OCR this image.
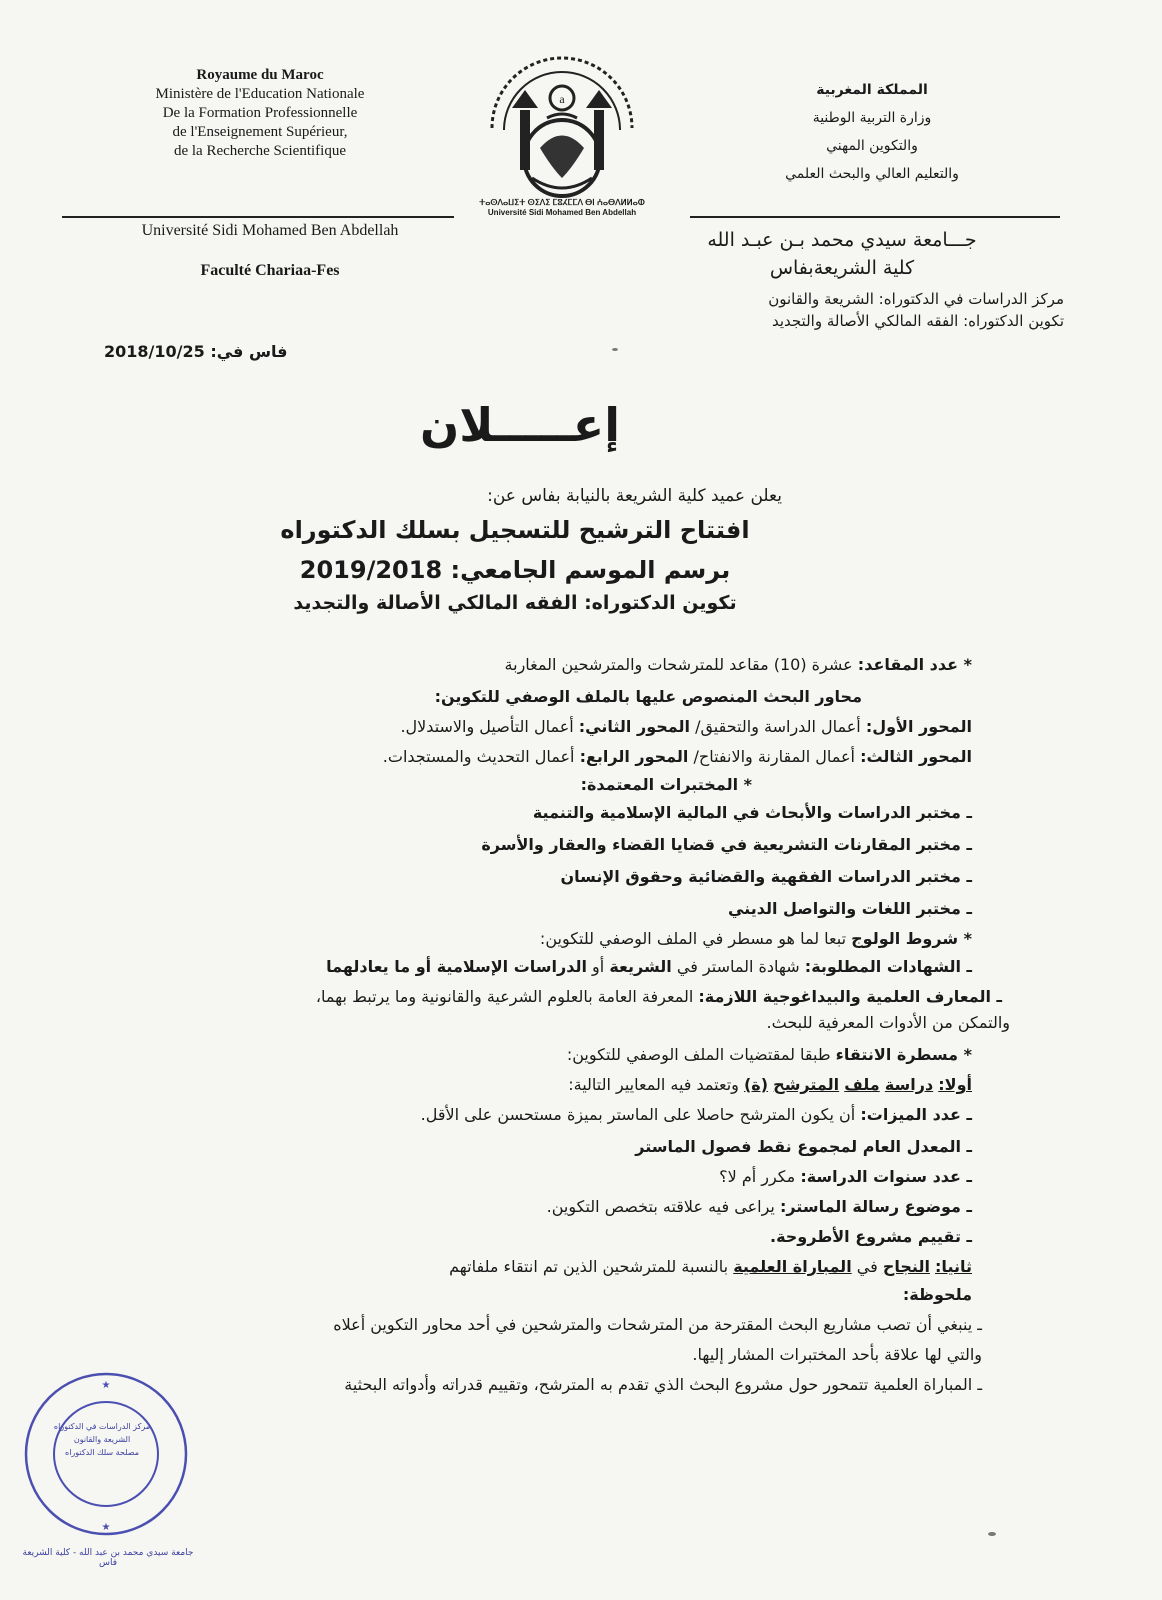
Royaume du Maroc
Ministère de l'Education Nationale
De la Formation Professionnelle
de l'Enseignement Supérieur,
de la Recherche Scientifique
a
ⵜⴰⵙⴷⴰⵡⵉⵜ ⵙⵉⴷⵉ ⵎⵓⵃⵎⵎⴷ ⴱⵏ ⵄⴰⴱⴷⵍⵍⴰⵀ
Université Sidi Mohamed Ben Abdellah
المملكة المغربية
وزارة التربية الوطنية
والتكوين المهني
والتعليم العالي والبحث العلمي
Université Sidi Mohamed Ben Abdellah
Faculté Chariaa-Fes
جـــامعة سيدي محمد بـن عبـد الله
كلية الشريعةبفاس
مركز الدراسات في الدكتوراه: الشريعة والقانون
تكوين الدكتوراه: الفقه المالكي الأصالة والتجديد
فاس في: 2018/10/25
إعـــــلان
يعلن عميد كلية الشريعة بالنيابة بفاس عن:
افتتاح الترشيح للتسجيل بسلك الدكتوراه
برسم الموسم الجامعي: 2019/2018
تكوين الدكتوراه: الفقه المالكي الأصالة والتجديد
* عدد المقاعد: عشرة (10) مقاعد للمترشحات والمترشحين المغاربة
محاور البحث المنصوص عليها بالملف الوصفي للتكوين:
المحور الأول: أعمال الدراسة والتحقيق/ المحور الثاني: أعمال التأصيل والاستدلال.
المحور الثالث: أعمال المقارنة والانفتاح/ المحور الرابع: أعمال التحديث والمستجدات.
* المختبرات المعتمدة:
ـ مختبر الدراسات والأبحاث في المالية الإسلامية والتنمية
ـ مختبر المقارنات التشريعية في قضايا القضاء والعقار والأسرة
ـ مختبر الدراسات الفقهية والقضائية وحقوق الإنسان
ـ مختبر اللغات والتواصل الديني
* شروط الولوج تبعا لما هو مسطر في الملف الوصفي للتكوين:
ـ الشهادات المطلوبة: شهادة الماستر في الشريعة أو الدراسات الإسلامية أو ما يعادلهما
ـ المعارف العلمية والبيداغوجية اللازمة: المعرفة العامة بالعلوم الشرعية والقانونية وما يرتبط بهما،
والتمكن من الأدوات المعرفية للبحث.
* مسطرة الانتقاء طبقا لمقتضيات الملف الوصفي للتكوين:
أولا: دراسة ملف المترشح (ة) وتعتمد فيه المعايير التالية:
ـ عدد الميزات: أن يكون المترشح حاصلا على الماستر بميزة مستحسن على الأقل.
ـ المعدل العام لمجموع نقط فصول الماستر
ـ عدد سنوات الدراسة: مكرر أم لا؟
ـ موضوع رسالة الماستر: يراعى فيه علاقته بتخصص التكوين.
ـ تقييم مشروع الأطروحة.
ثانيا: النجاح في المباراة العلمية بالنسبة للمترشحين الذين تم انتقاء ملفاتهم
ملحوظة:
ـ ينبغي أن تصب مشاريع البحث المقترحة من المترشحات والمترشحين في أحد محاور التكوين أعلاه
والتي لها علاقة بأحد المختبرات المشار إليها.
ـ المباراة العلمية تتمحور حول مشروع البحث الذي تقدم به المترشح، وتقييم قدراته وأدواته البحثية
★
★
مركز الدراسات في الدكتوراه
الشريعة والقانون
مصلحة سلك الدكتوراه
جامعة سيدي محمد بن عبد الله - كلية الشريعة فاس
